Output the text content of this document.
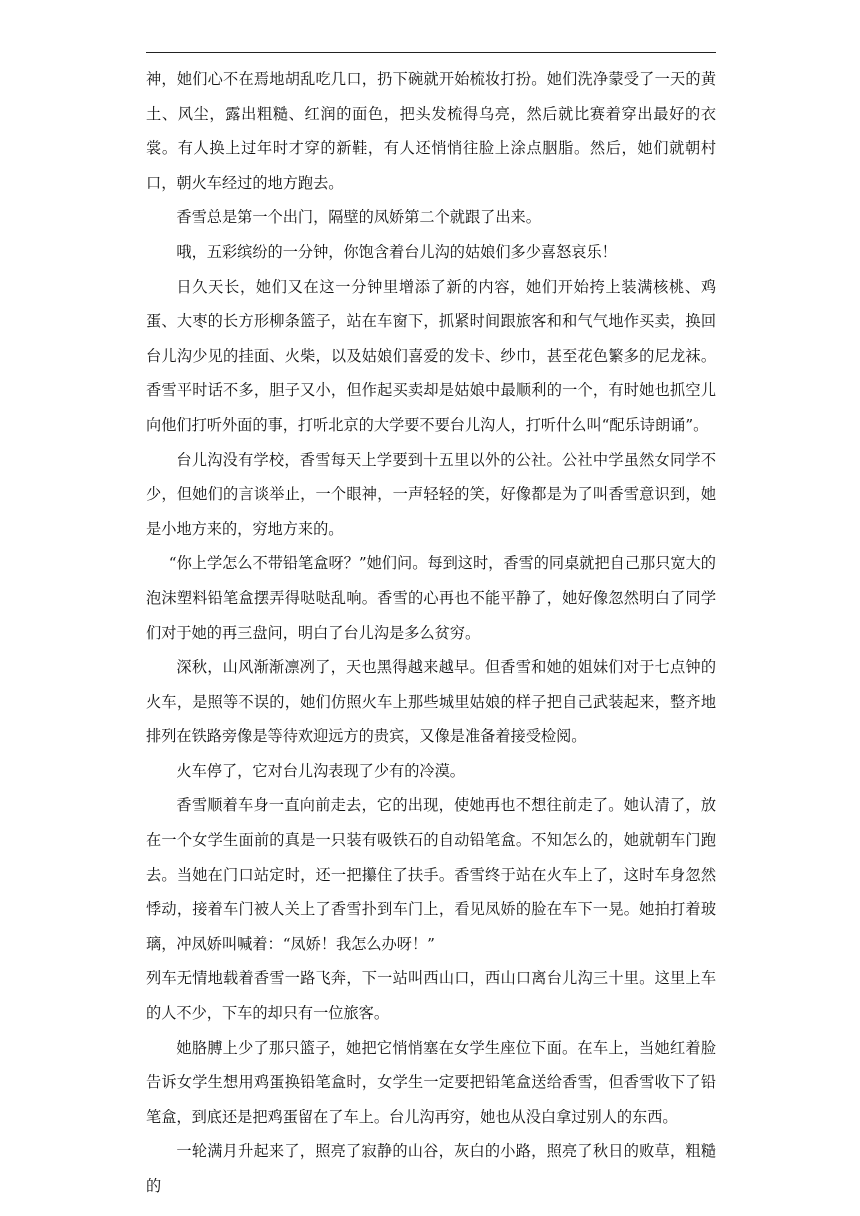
神，她们心不在焉地胡乱吃几口，扔下碗就开始梳妆打扮。她们洗净蒙受了一天的黄土、风尘，露出粗糙、红润的面色，把头发梳得乌亮，然后就比赛着穿出最好的衣裳。有人换上过年时才穿的新鞋，有人还悄悄往脸上涂点胭脂。然后，她们就朝村口，朝火车经过的地方跑去。

香雪总是第一个出门，隔壁的凤娇第二个就跟了出来。

哦，五彩缤纷的一分钟，你饱含着台儿沟的姑娘们多少喜怒哀乐！

日久天长，她们又在这一分钟里增添了新的内容，她们开始挎上装满核桃、鸡蛋、大枣的长方形柳条篮子，站在车窗下，抓紧时间跟旅客和和气气地作买卖，换回台儿沟少见的挂面、火柴，以及姑娘们喜爱的发卡、纱巾，甚至花色繁多的尼龙袜。香雪平时话不多，胆子又小，但作起买卖却是姑娘中最顺利的一个，有时她也抓空儿向他们打听外面的事，打听北京的大学要不要台儿沟人，打听什么叫“配乐诗朗诵”。

台儿沟没有学校，香雪每天上学要到十五里以外的公社。公社中学虽然女同学不少，但她们的言谈举止，一个眼神，一声轻轻的笑，好像都是为了叫香雪意识到，她是小地方来的，穷地方来的。

“你上学怎么不带铅笔盒呀？”她们问。每到这时，香雪的同桌就把自己那只宽大的泡沫塑料铅笔盒摆弄得哒哒乱响。香雪的心再也不能平静了，她好像忽然明白了同学们对于她的再三盘问，明白了台儿沟是多么贫穷。

深秋，山风渐渐凛冽了，天也黑得越来越早。但香雪和她的姐妹们对于七点钟的火车，是照等不误的，她们仿照火车上那些城里姑娘的样子把自己武装起来，整齐地排列在铁路旁像是等待欢迎远方的贵宾，又像是准备着接受检阅。

火车停了，它对台儿沟表现了少有的冷漠。

香雪顺着车身一直向前走去，它的出现，使她再也不想往前走了。她认清了，放在一个女学生面前的真是一只装有吸铁石的自动铅笔盒。不知怎么的，她就朝车门跑去。当她在门口站定时，还一把攥住了扶手。香雪终于站在火车上了，这时车身忽然悸动，接着车门被人关上了香雪扑到车门上，看见凤娇的脸在车下一晃。她拍打着玻璃，冲凤娇叫喊着：“凤娇！我怎么办呀！”

列车无情地载着香雪一路飞奔，下一站叫西山口，西山口离台儿沟三十里。这里上车的人不少，下车的却只有一位旅客。

她胳膊上少了那只篮子，她把它悄悄塞在女学生座位下面。在车上，当她红着脸告诉女学生想用鸡蛋换铅笔盒时，女学生一定要把铅笔盒送给香雪，但香雪收下了铅笔盒，到底还是把鸡蛋留在了车上。台儿沟再穷，她也从没白拿过别人的东西。

一轮满月升起来了，照亮了寂静的山谷，灰白的小路，照亮了秋日的败草，粗糙的
